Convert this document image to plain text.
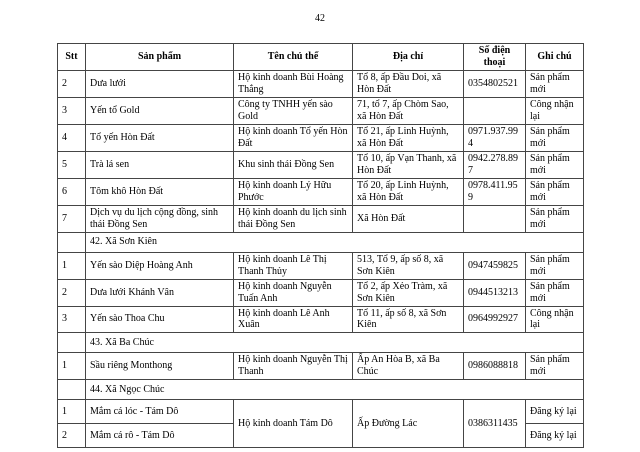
42
Stt	Sản phẩm	Tên chủ thể	Địa chỉ	Số điện thoại	Ghi chú
2	Dưa lưới	Hộ kinh doanh Bùi Hoàng Thắng	Tổ 8, ấp Đầu Doi, xã Hòn Đất	0354802521	Sản phẩm mới
3	Yến tổ Gold	Công ty TNHH yến sào Gold	71, tổ 7, ấp Chòm Sao, xã Hòn Đất		Công nhận lại
4	Tổ yến Hòn Đất	Hộ kinh doanh Tổ yến Hòn Đất	Tổ 21, ấp Linh Huỳnh, xã Hòn Đất	0971.937.994	Sản phẩm mới
5	Trà lá sen	Khu sinh thái Đồng Sen	Tổ 10, ấp Vạn Thanh, xã Hòn Đất	0942.278.897	Sản phẩm mới
6	Tôm khô Hòn Đất	Hộ kinh doanh Lý Hữu Phước	Tổ 20, ấp Linh Huỳnh, xã Hòn Đất	0978.411.959	Sản phẩm mới
7	Dịch vụ du lịch cộng đồng, sinh thái Đồng Sen	Hộ kinh doanh du lịch sinh thái Đồng Sen	Xã Hòn Đất		Sản phẩm mới
	42. Xã Sơn Kiên				
1	Yến sào Diệp Hoàng Anh	Hộ kinh doanh Lê Thị Thanh Thủy	513, Tổ 9, ấp số 8, xã Sơn Kiên	0947459825	Sản phẩm mới
2	Dưa lưới Khánh Vân	Hộ kinh doanh Nguyễn Tuấn Anh	Tổ 2, ấp Xẻo Tràm, xã Sơn Kiên	0944513213	Sản phẩm mới
3	Yến sào Thoa Chu	Hộ kinh doanh Lê Anh Xuân	Tổ 11, ấp số 8, xã Sơn Kiên	0964992927	Công nhận lại
	43. Xã Ba Chúc				
1	Sầu riêng Monthong	Hộ kinh doanh Nguyễn Thị Thanh	Ấp An Hòa B, xã Ba Chúc	0986088818	Sản phẩm mới
	44. Xã Ngọc Chúc				
1	Mắm cá lóc - Tám Dô	Hộ kinh doanh Tám Dô	Ấp Đường Lác	0386311435	Đăng ký lại
2	Mắm cá rô - Tám Dô				Đăng ký lại
